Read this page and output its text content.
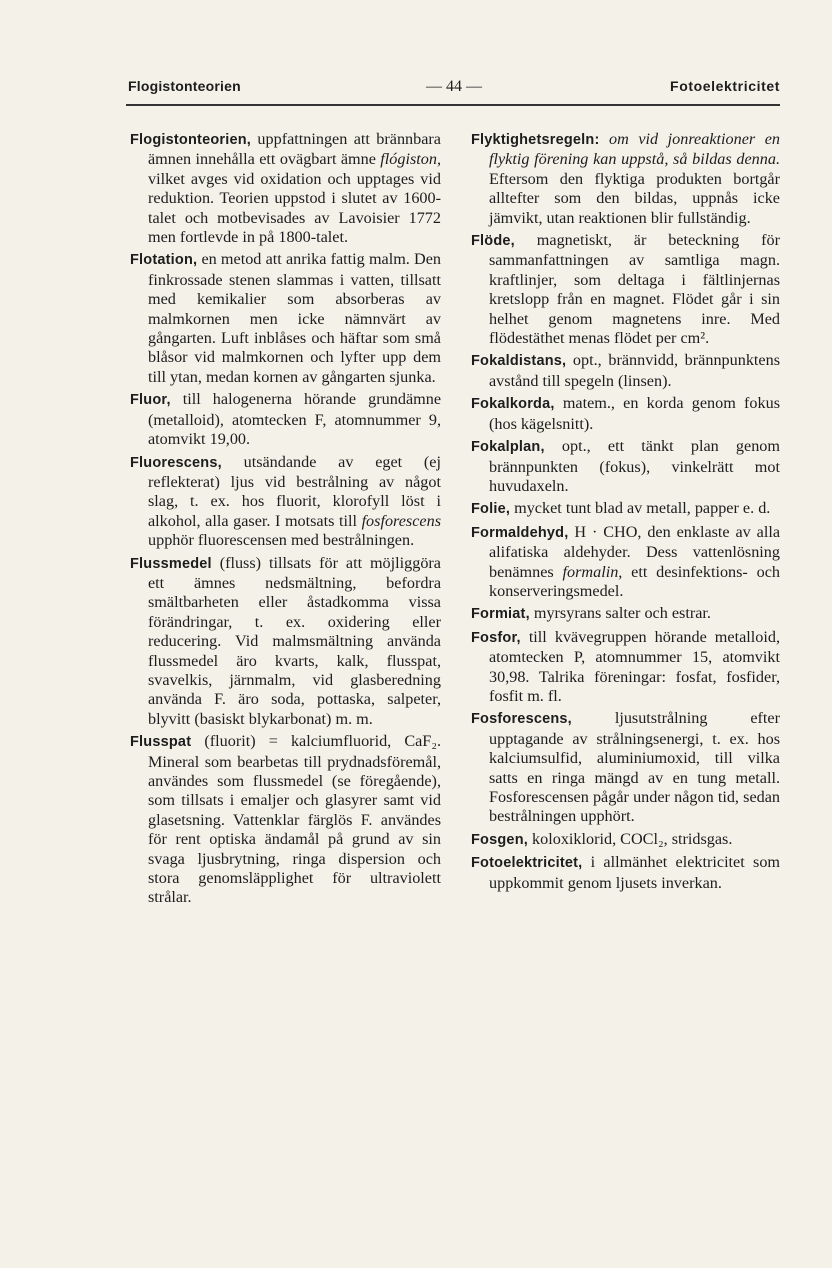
Flogistonteorien	— 44 —	Fotoelektricitet

Flogistonteorien, uppfattningen att brännbara ämnen innehålla ett ovägbart ämne flógiston, vilket avges vid oxidation och upptages vid reduktion. Teorien uppstod i slutet av 1600-talet och motbevisades av Lavoisier 1772 men fortlevde in på 1800-talet.

Flotation, en metod att anrika fattig malm. Den finkrossade stenen slammas i vatten, tillsatt med kemikalier som absorberas av malmkornen men icke nämnvärt av gångarten. Luft inblåses och häftar som små blåsor vid malmkornen och lyfter upp dem till ytan, medan kornen av gångarten sjunka.

Fluor, till halogenerna hörande grundämne (metalloid), atomtecken F, atomnummer 9, atomvikt 19,00.

Fluorescens, utsändande av eget (ej reflekterat) ljus vid bestrålning av något slag, t. ex. hos fluorit, klorofyll löst i alkohol, alla gaser. I motsats till fosforescens upphör fluorescensen med bestrålningen.

Flussmedel (fluss) tillsats för att möjliggöra ett ämnes nedsmältning, befordra smältbarheten eller åstadkomma vissa förändringar, t. ex. oxidering eller reducering. Vid malmsmältning använda flussmedel äro kvarts, kalk, flusspat, svavelkis, järnmalm, vid glasberedning använda F. äro soda, pottaska, salpeter, blyvitt (basiskt blykarbonat) m. m.

Flusspat (fluorit) = kalciumfluorid, CaF₂. Mineral som bearbetas till prydnadsföremål, användes som flussmedel (se föregående), som tillsats i emaljer och glasyrer samt vid glasetsning. Vattenklar färglös F. användes för rent optiska ändamål på grund av sin svaga ljusbrytning, ringa dispersion och stora genomsläpplighet för ultraviolett strålar.

Flyktighetsregeln: om vid jonreaktioner en flyktig förening kan uppstå, så bildas denna. Eftersom den flyktiga produkten bortgår alltefter som den bildas, uppnås icke jämvikt, utan reaktionen blir fullständig.

Flöde, magnetiskt, är beteckning för sammanfattningen av samtliga magn. kraftlinjer, som deltaga i fältlinjernas kretslopp från en magnet. Flödet går i sin helhet genom magnetens inre. Med flödestäthet menas flödet per cm².

Fokaldistans, opt., brännvidd, brännpunktens avstånd till spegeln (linsen).

Fokalkorda, matem., en korda genom fokus (hos kägelsnitt).

Fokalplan, opt., ett tänkt plan genom brännpunkten (fokus), vinkelrätt mot huvudaxeln.

Folie, mycket tunt blad av metall, papper e. d.

Formaldehyd, H · CHO, den enklaste av alla alifatiska aldehyder. Dess vattenlösning benämnes formalin, ett desinfektions- och konserveringsmedel.

Formiat, myrsyrans salter och estrar.

Fosfor, till kvävegruppen hörande metalloid, atomtecken P, atomnummer 15, atomvikt 30,98. Talrika föreningar: fosfat, fosfider, fosfit m. fl.

Fosforescens,	ljusutstrålning efter upptagande av strålningsenergi, t. ex. hos kalciumsulfid, aluminiumoxid, till vilka satts en ringa mängd av en tung metall. Fosforescensen pågår under någon tid, sedan bestrålningen upphört.

Fosgen, koloxiklorid, COCl₂, stridsgas.

Fotoelektricitet, i allmänhet elektricitet som uppkommit genom ljusets inverkan.
